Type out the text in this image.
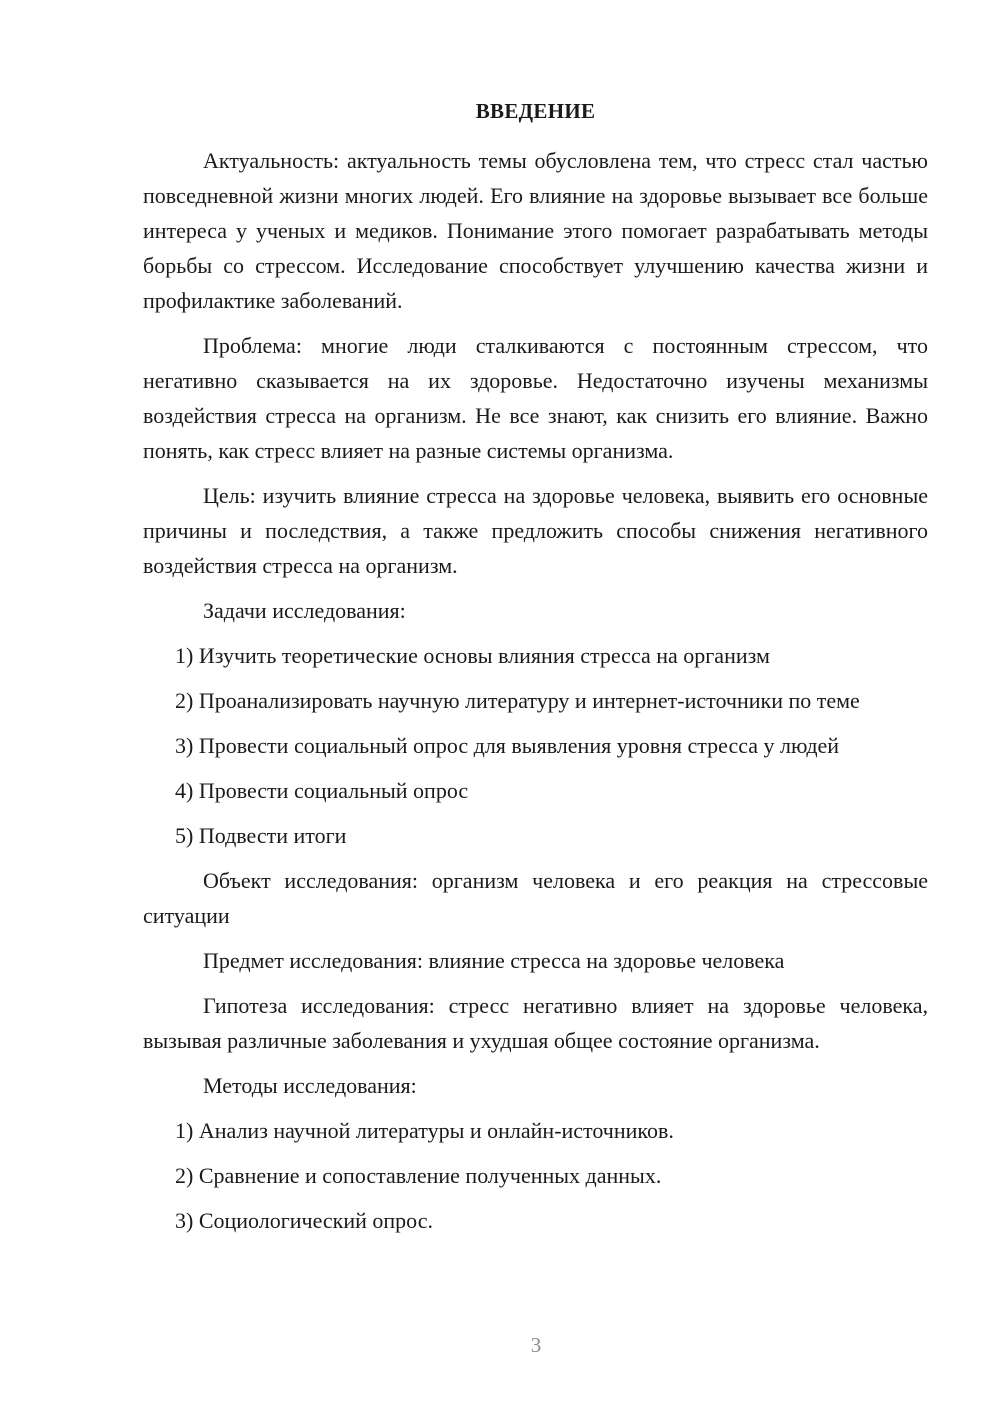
ВВЕДЕНИЕ

Актуальность: актуальность темы обусловлена тем, что стресс стал частью повседневной жизни многих людей. Его влияние на здоровье вызывает все больше интереса у ученых и медиков. Понимание этого помогает разрабатывать методы борьбы со стрессом. Исследование способствует улучшению качества жизни и профилактике заболеваний.

Проблема: многие люди сталкиваются с постоянным стрессом, что негативно сказывается на их здоровье. Недостаточно изучены механизмы воздействия стресса на организм. Не все знают, как снизить его влияние. Важно понять, как стресс влияет на разные системы организма.

Цель: изучить влияние стресса на здоровье человека, выявить его основные причины и последствия, а также предложить способы снижения негативного воздействия стресса на организм.

Задачи исследования:

1) Изучить теоретические основы влияния стресса на организм

2) Проанализировать научную литературу и интернет-источники по теме

3) Провести социальный опрос для выявления уровня стресса у людей

4) Провести социальный опрос

5) Подвести итоги

Объект исследования: организм человека и его реакция на стрессовые ситуации

Предмет исследования: влияние стресса на здоровье человека

Гипотеза исследования: стресс негативно влияет на здоровье человека, вызывая различные заболевания и ухудшая общее состояние организма.

Методы исследования:

1) Анализ научной литературы и онлайн-источников.

2) Сравнение и сопоставление полученных данных.

3) Социологический опрос.

3
